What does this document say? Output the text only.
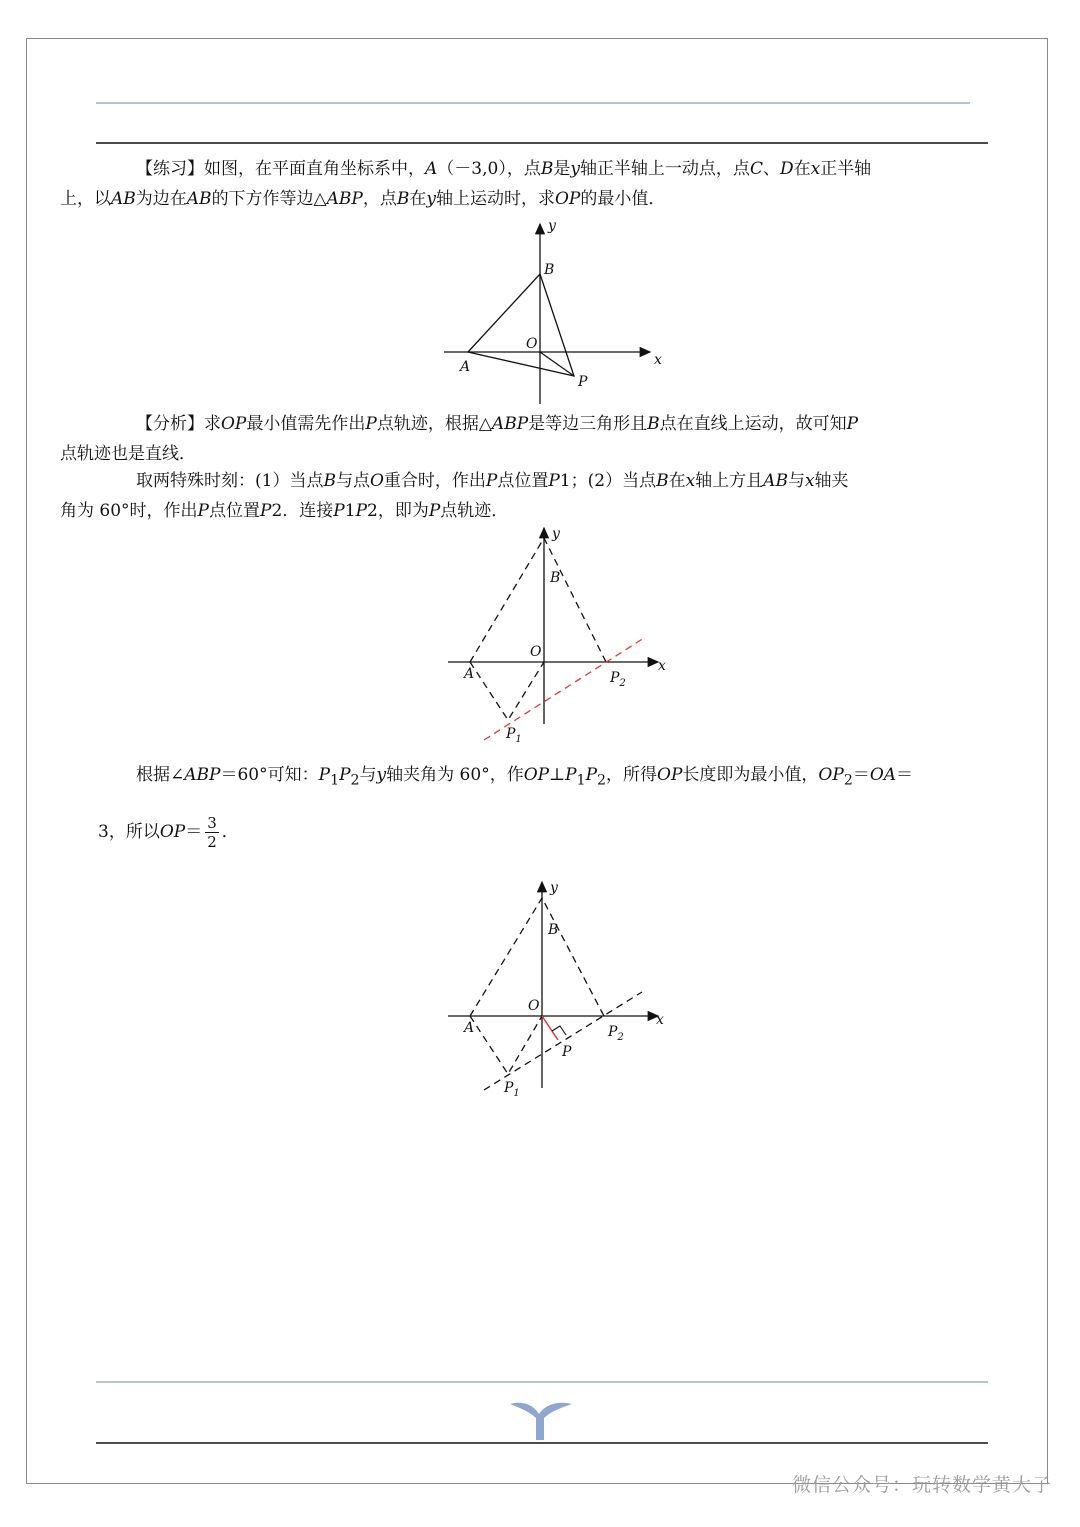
【练习】如图，在平面直角坐标系中，A（－3,0），点B是y轴正半轴上一动点，点C、D在x正半轴
上，以AB为边在AB的下方作等边△ABP，点B在y轴上运动时，求OP的最小值．

y
x
B
O
A
P

【分析】求OP最小值需先作出P点轨迹，根据△ABP是等边三角形且B点在直线上运动，故可知P
点轨迹也是直线．

取两特殊时刻：(1）当点B与点O重合时，作出P点位置P1；(2）当点B在x轴上方且AB与x轴夹
角为 60°时，作出P点位置P2．连接P1P2，即为P点轨迹．

y
x
B
O
A	$P_2$
$P_1$

根据∠ABP＝60°可知：$P_1P_2$与y轴夹角为 60°，作$OP\perp P_1P_2$，所得OP长度即为最小值，$OP_2=OA=$

3，所以$OP= \frac{3}{2}$ ．

y
x
B
O
A
P
$P_2$
$P_1$
微信公众号：玩转数学黄大子
